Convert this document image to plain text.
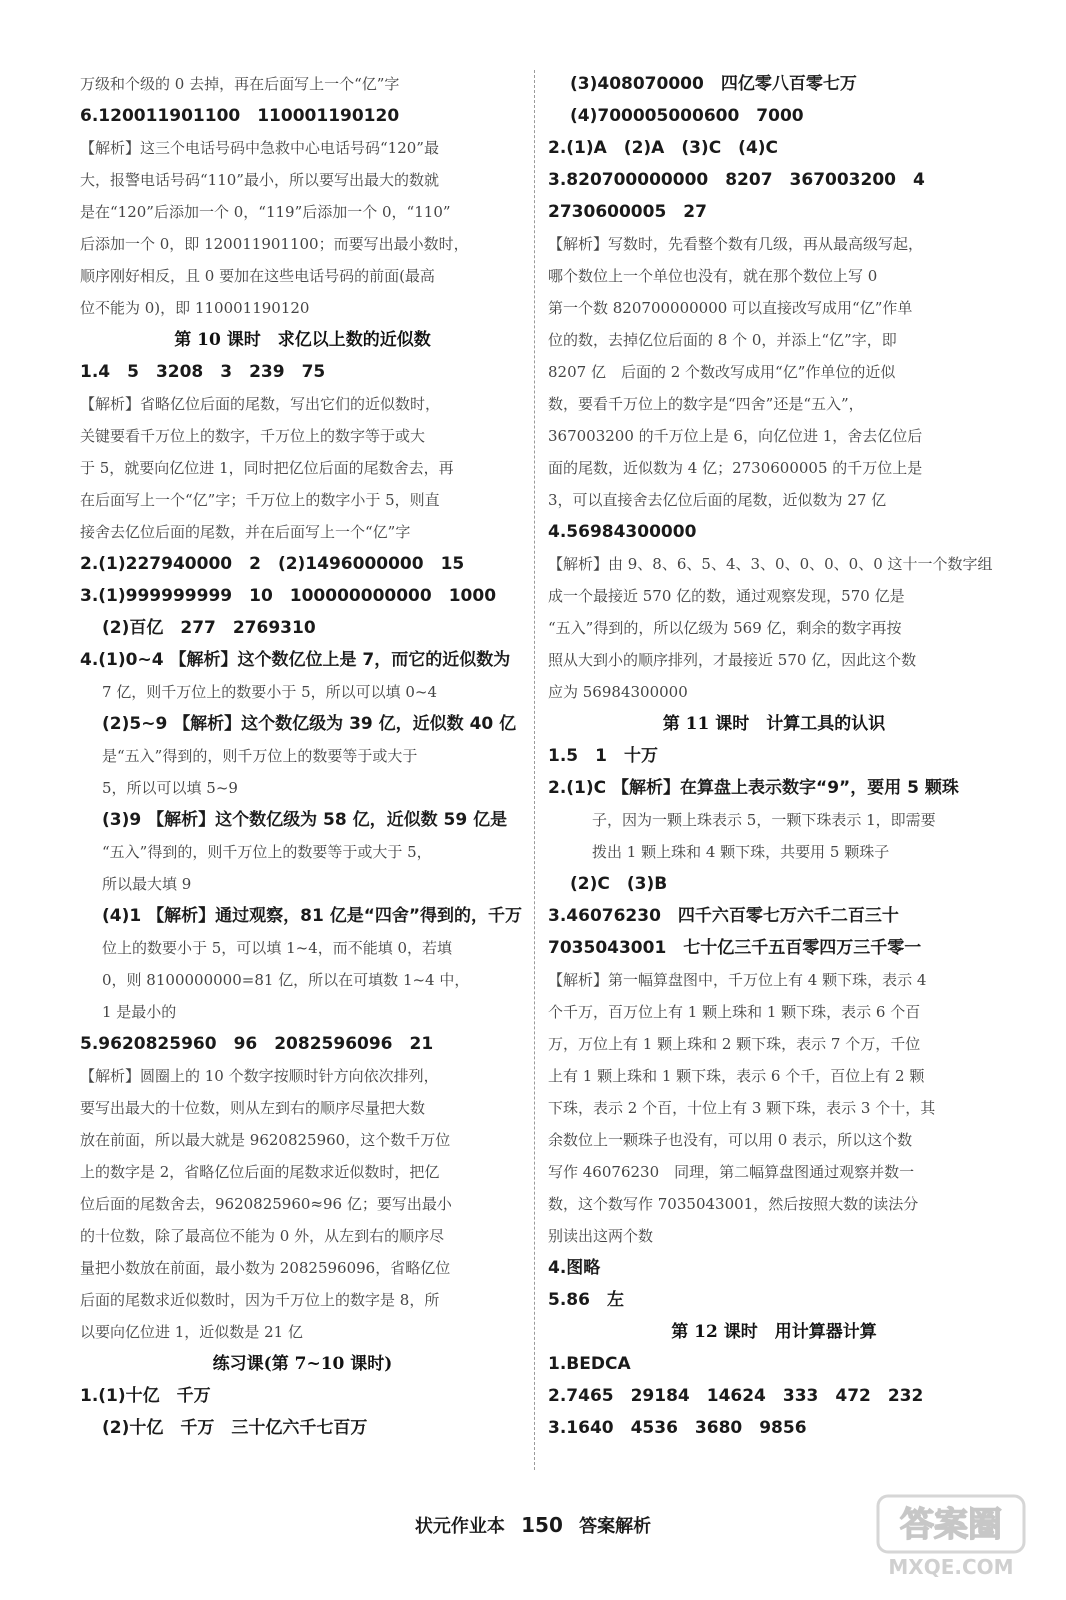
万级和个级的 0 去掉，再在后面写上一个“亿”字
6.120011901100　110001190120
【解析】这三个电话号码中急救中心电话号码“120”最
大，报警电话号码“110”最小，所以要写出最大的数就
是在“120”后添加一个 0，“119”后添加一个 0，“110”
后添加一个 0，即 120011901100；而要写出最小数时，
顺序刚好相反，且 0 要加在这些电话号码的前面(最高
位不能为 0)，即 110001190120
第 10 课时　求亿以上数的近似数
1.4　5　3208　3　239　75
【解析】省略亿位后面的尾数，写出它们的近似数时，
关键要看千万位上的数字，千万位上的数字等于或大
于 5，就要向亿位进 1，同时把亿位后面的尾数舍去，再
在后面写上一个“亿”字；千万位上的数字小于 5，则直
接舍去亿位后面的尾数，并在后面写上一个“亿”字
2.(1)227940000　2　(2)1496000000　15
3.(1)999999999　10　100000000000　1000
(2)百亿　277　2769310
4.(1)0~4 【解析】这个数亿位上是 7，而它的近似数为
7 亿，则千万位上的数要小于 5，所以可以填 0~4
(2)5~9 【解析】这个数亿级为 39 亿，近似数 40 亿
是“五入”得到的，则千万位上的数要等于或大于
5，所以可以填 5~9
(3)9 【解析】这个数亿级为 58 亿，近似数 59 亿是
“五入”得到的，则千万位上的数要等于或大于 5，
所以最大填 9
(4)1 【解析】通过观察，81 亿是“四舍”得到的，千万
位上的数要小于 5，可以填 1~4，而不能填 0，若填
0，则 8100000000=81 亿，所以在可填数 1~4 中，
1 是最小的
5.9620825960　96　2082596096　21
【解析】圆圈上的 10 个数字按顺时针方向依次排列，
要写出最大的十位数，则从左到右的顺序尽量把大数
放在前面，所以最大就是 9620825960，这个数千万位
上的数字是 2，省略亿位后面的尾数求近似数时，把亿
位后面的尾数舍去，9620825960≈96 亿；要写出最小
的十位数，除了最高位不能为 0 外，从左到右的顺序尽
量把小数放在前面，最小数为 2082596096，省略亿位
后面的尾数求近似数时，因为千万位上的数字是 8，所
以要向亿位进 1，近似数是 21 亿
练习课(第 7~10 课时)
1.(1)十亿　千万
(2)十亿　千万　三十亿六千七百万
(3)408070000　四亿零八百零七万
(4)700005000600　7000
2.(1)A　(2)A　(3)C　(4)C
3.820700000000　8207　367003200　4
2730600005　27
【解析】写数时，先看整个数有几级，再从最高级写起，
哪个数位上一个单位也没有，就在那个数位上写 0
第一个数 820700000000 可以直接改写成用“亿”作单
位的数，去掉亿位后面的 8 个 0，并添上“亿”字，即
8207 亿　后面的 2 个数改写成用“亿”作单位的近似
数，要看千万位上的数字是“四舍”还是“五入”，
367003200 的千万位上是 6，向亿位进 1，舍去亿位后
面的尾数，近似数为 4 亿；2730600005 的千万位上是
3，可以直接舍去亿位后面的尾数，近似数为 27 亿
4.56984300000
【解析】由 9、8、6、5、4、3、0、0、0、0、0 这十一个数字组
成一个最接近 570 亿的数，通过观察发现，570 亿是
“五入”得到的，所以亿级为 569 亿，剩余的数字再按
照从大到小的顺序排列，才最接近 570 亿，因此这个数
应为 56984300000
第 11 课时　计算工具的认识
1.5　1　十万
2.(1)C 【解析】在算盘上表示数字“9”，要用 5 颗珠
子，因为一颗上珠表示 5，一颗下珠表示 1，即需要
拨出 1 颗上珠和 4 颗下珠，共要用 5 颗珠子
(2)C　(3)B
3.46076230　四千六百零七万六千二百三十
7035043001　七十亿三千五百零四万三千零一
【解析】第一幅算盘图中，千万位上有 4 颗下珠，表示 4
个千万，百万位上有 1 颗上珠和 1 颗下珠，表示 6 个百
万，万位上有 1 颗上珠和 2 颗下珠，表示 7 个万，千位
上有 1 颗上珠和 1 颗下珠，表示 6 个千，百位上有 2 颗
下珠，表示 2 个百，十位上有 3 颗下珠，表示 3 个十，其
余数位上一颗珠子也没有，可以用 0 表示，所以这个数
写作 46076230　同理，第二幅算盘图通过观察并数一
数，这个数写作 7035043001，然后按照大数的读法分
别读出这两个数
4.图略
5.86　左
第 12 课时　用计算器计算
1.BEDCA
2.7465　29184　14624　333　472　232
3.1640　4536　3680　9856
状元作业本 150 答案解析	答案圈
MXQE.COM
